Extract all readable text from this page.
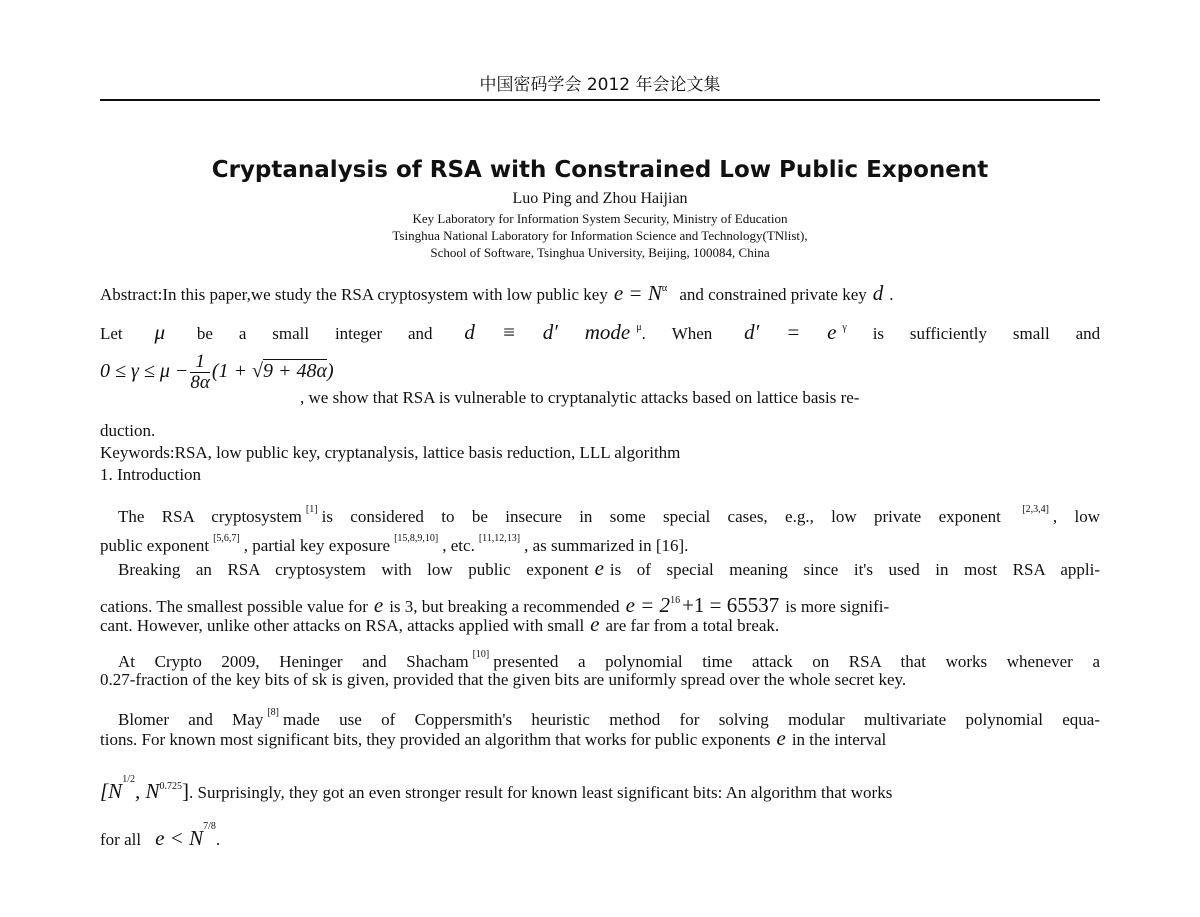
中国密码学会 2012 年会论文集
Cryptanalysis of RSA with Constrained Low Public Exponent
Luo Ping and Zhou Haijian
Key Laboratory for Information System Security, Ministry of Education
Tsinghua National Laboratory for Information Science and Technology(TNlist),
School of Software, Tsinghua University, Beijing, 100084, China
Abstract:In this paper,we study the RSA cryptosystem with low public key $e = N^\alpha$ and constrained private key d .
Let μ be a small integer and d ≡ d′ mode $^\mu$. When d′ = e $^\gamma$ is sufficiently small and
$0 \le \gamma \le \mu - \frac{1}{8\alpha} (1 + √9 + 48\alpha)$
, we show that RSA is vulnerable to cryptanalytic attacks based on lattice basis re-
duction.
Keywords:RSA, low public key, cryptanalysis, lattice basis reduction, LLL algorithm
1. Introduction
The RSA cryptosystem [1] is considered to be insecure in some special cases, e.g., low private exponent [2,3,4] , low
public exponent [5,6,7] , partial key exposure [15,8,9,10] , etc. [11,12,13] , as summarized in [16].
Breaking an RSA cryptosystem with low public exponent e is of special meaning since it's used in most RSA appli-
cations. The smallest possible value for e is 3, but breaking a recommended $e = 2^{16}+1 = 65537$ is more signifi-
cant. However, unlike other attacks on RSA, attacks applied with small e are far from a total break.
At Crypto 2009, Heninger and Shacham [10] presented a polynomial time attack on RSA that works whenever a
0.27-fraction of the key bits of sk is given, provided that the given bits are uniformly spread over the whole secret key.
Blomer and May [8] made use of Coppersmith's heuristic method for solving modular multivariate polynomial equa-
tions. For known most significant bits, they provided an algorithm that works for public exponents e in the interval
[$N^{1/2}$, $N^{0.725}$]. Surprisingly, they got an even stronger result for known least significant bits: An algorithm that works
for all $e < N^{7/8}$.
